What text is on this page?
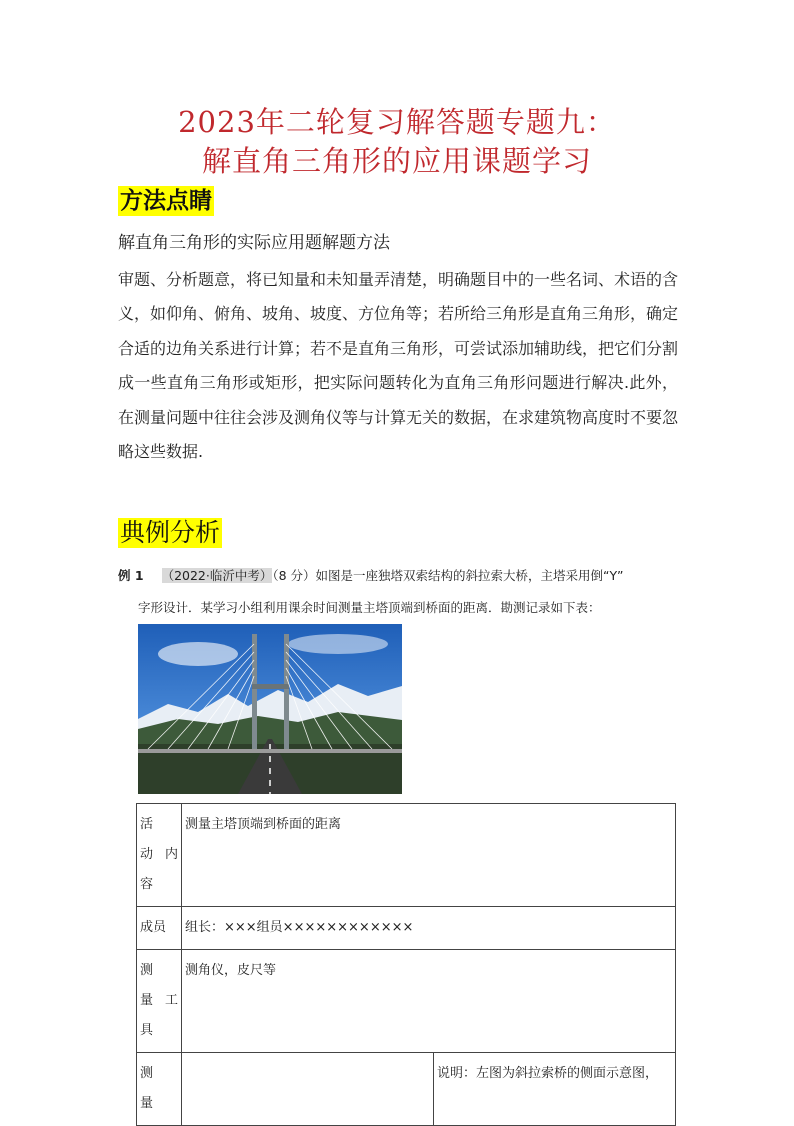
2023年二轮复习解答题专题九：
解直角三角形的应用课题学习
方法点睛
解直角三角形的实际应用题解题方法
审题、分析题意，将已知量和未知量弄清楚，明确题目中的一些名词、术语的含义，如仰角、俯角、坡角、坡度、方位角等；若所给三角形是直角三角形，确定合适的边角关系进行计算；若不是直角三角形，可尝试添加辅助线，把它们分割成一些直角三角形或矩形，把实际问题转化为直角三角形问题进行解决.此外，在测量问题中往往会涉及测角仪等与计算无关的数据，在求建筑物高度时不要忽略这些数据.
典例分析
例 1 （2022·临沂中考）（8 分）如图是一座独塔双索结构的斜拉索大桥，主塔采用倒“Y”
字形设计．某学习小组利用课余时间测量主塔顶端到桥面的距离．勘测记录如下表：
活　动内容	测量主塔顶端到桥面的距离	
成员	组长：×××组员××××××××××××	
测　量工具	测角仪，皮尺等	
测　量		说明：左图为斜拉索桥的侧面示意图，
